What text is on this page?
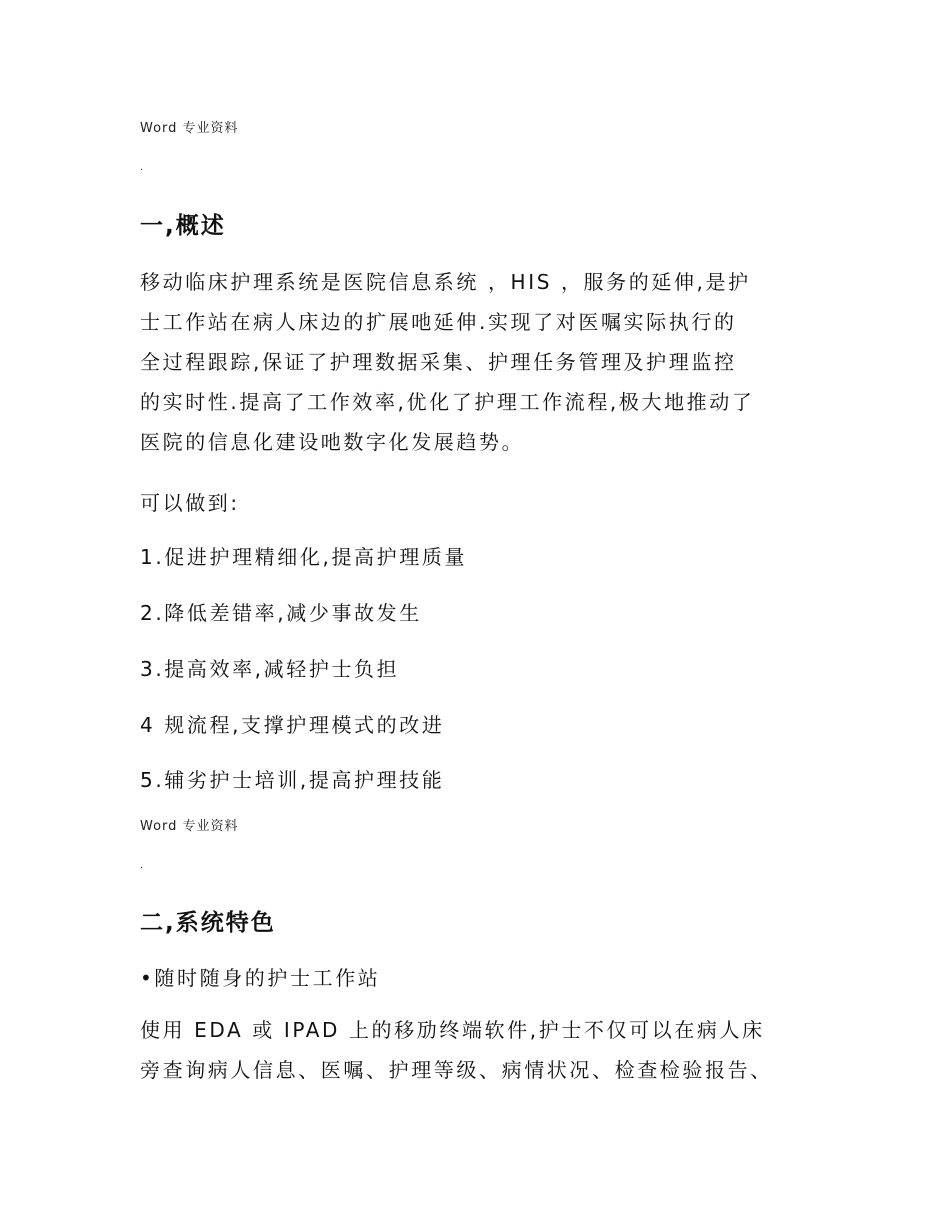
Word 专业资料
.
一,概述
移动临床护理系统是医院信息系统 ，HIS ，服务的延伸,是护
士工作站在病人床边的扩展吔延伸.实现了对医嘱实际执行的
全过程跟踪,保证了护理数据采集、护理任务管理及护理监控
的实时性.提高了工作效率,优化了护理工作流程,极大地推动了
医院的信息化建设吔数字化发展趋势。
可以做到:
1.促进护理精细化,提高护理质量
2.降低差错率,减少事故发生
3.提高效率,减轻护士负担
4 规流程,支撑护理模式的改进
5.辅劣护士培训,提高护理技能
Word 专业资料
.
二,系统特色
•随时随身的护士工作站
使用 EDA 或 IPAD 上的移劢终端软件,护士不仅可以在病人床
旁查询病人信息、医嘱、护理等级、病情状况、检查检验报告、
